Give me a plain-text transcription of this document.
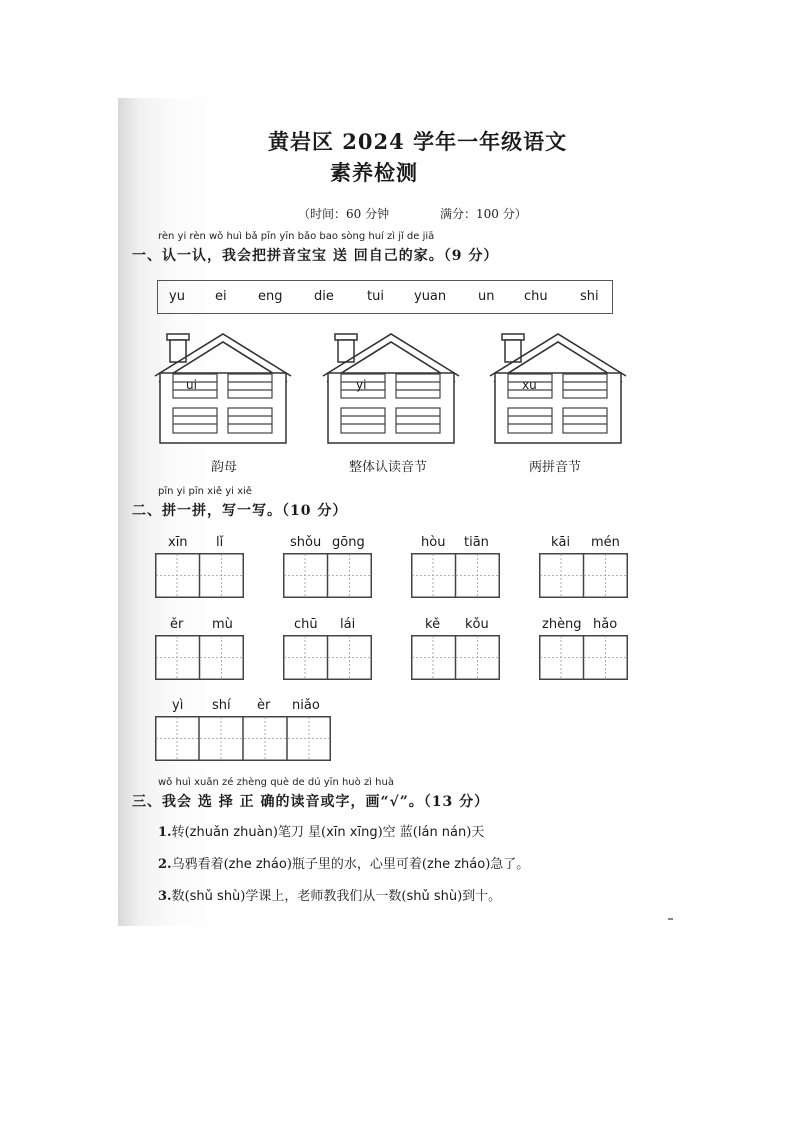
黄岩区 2024 学年一年级语文
素养检测
（时间：60 分钟	满分：100 分）
rèn yi rèn wǒ huì bǎ pīn yīn bǎo bao sòng huí zì jǐ de jiā
一、认一认，我会把拼音宝宝 送 回自己的家。（9 分）
yu ei eng die	tui yuan un chu shi
ui	yi	xu
韵母	整体认读音节	两拼音节
pīn yi pīn xiě yi xiě
二、拼一拼，写一写。（10 分）
xīn lǐ	shǒu gōng	hòu tiān	kāi mén
ěr mù	chū lái	kě kǒu	zhèng hǎo
yì shí èr niǎo
wǒ huì xuǎn zé zhèng què de dú yīn huò zì huà
三、我会 选 择 正 确的读音或字，画“√”。（13 分）
1.转(zhuǎn zhuàn)笔刀 星(xīn xīng)空 蓝(lán nán)天
2.乌鸦看着(zhe zháo)瓶子里的水，心里可着(zhe zháo)急了。
3.数(shǔ shù)学课上，老师教我们从一数(shǔ shù)到十。
